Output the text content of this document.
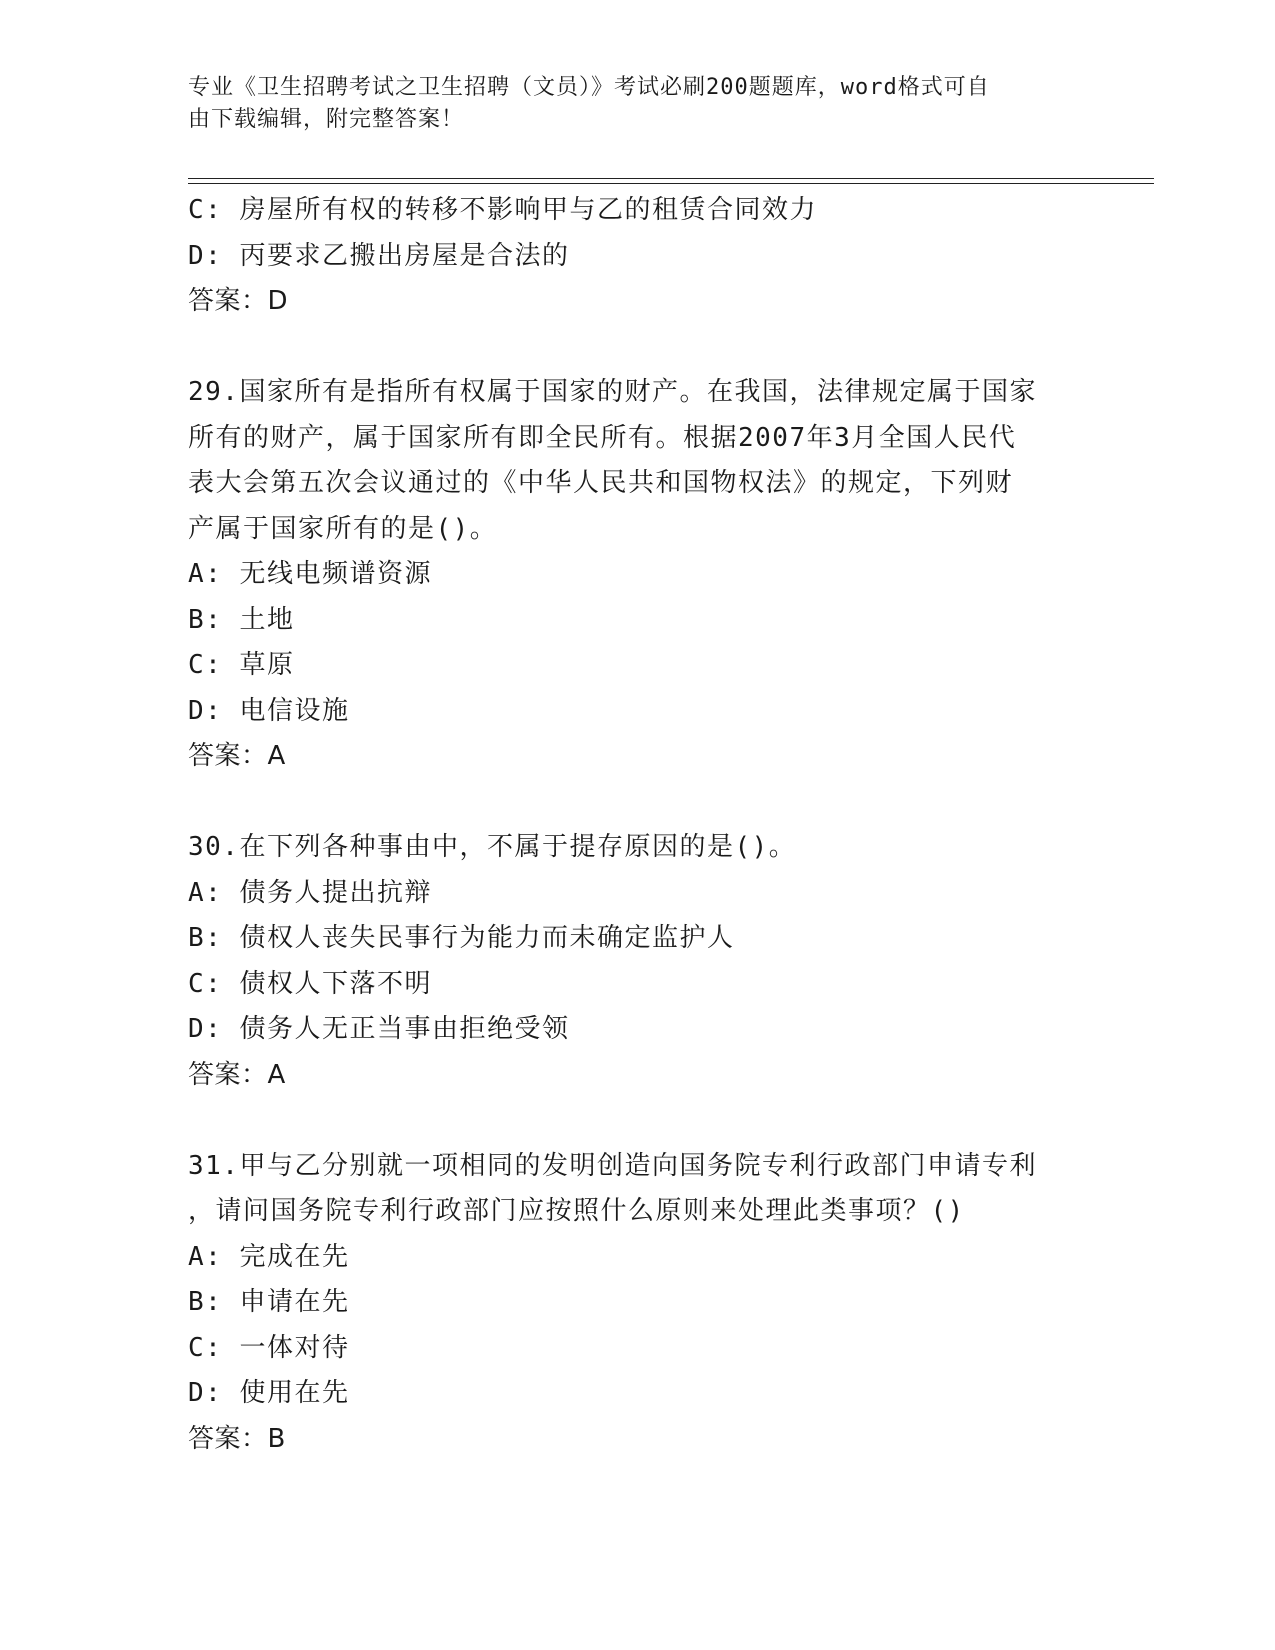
专业《卫生招聘考试之卫生招聘（文员）》考试必刷200题题库，word格式可自
由下载编辑，附完整答案！
C: 房屋所有权的转移不影响甲与乙的租赁合同效力
D: 丙要求乙搬出房屋是合法的
答案：D
29.国家所有是指所有权属于国家的财产。在我国，法律规定属于国家
所有的财产，属于国家所有即全民所有。根据2007年3月全国人民代
表大会第五次会议通过的《中华人民共和国物权法》的规定，下列财
产属于国家所有的是()。
A: 无线电频谱资源
B: 土地
C: 草原
D: 电信设施
答案：A
30.在下列各种事由中，不属于提存原因的是()。
A: 债务人提出抗辩
B: 债权人丧失民事行为能力而未确定监护人
C: 债权人下落不明
D: 债务人无正当事由拒绝受领
答案：A
31.甲与乙分别就一项相同的发明创造向国务院专利行政部门申请专利
，请问国务院专利行政部门应按照什么原则来处理此类事项？()
A: 完成在先
B: 申请在先
C: 一体对待
D: 使用在先
答案：B
